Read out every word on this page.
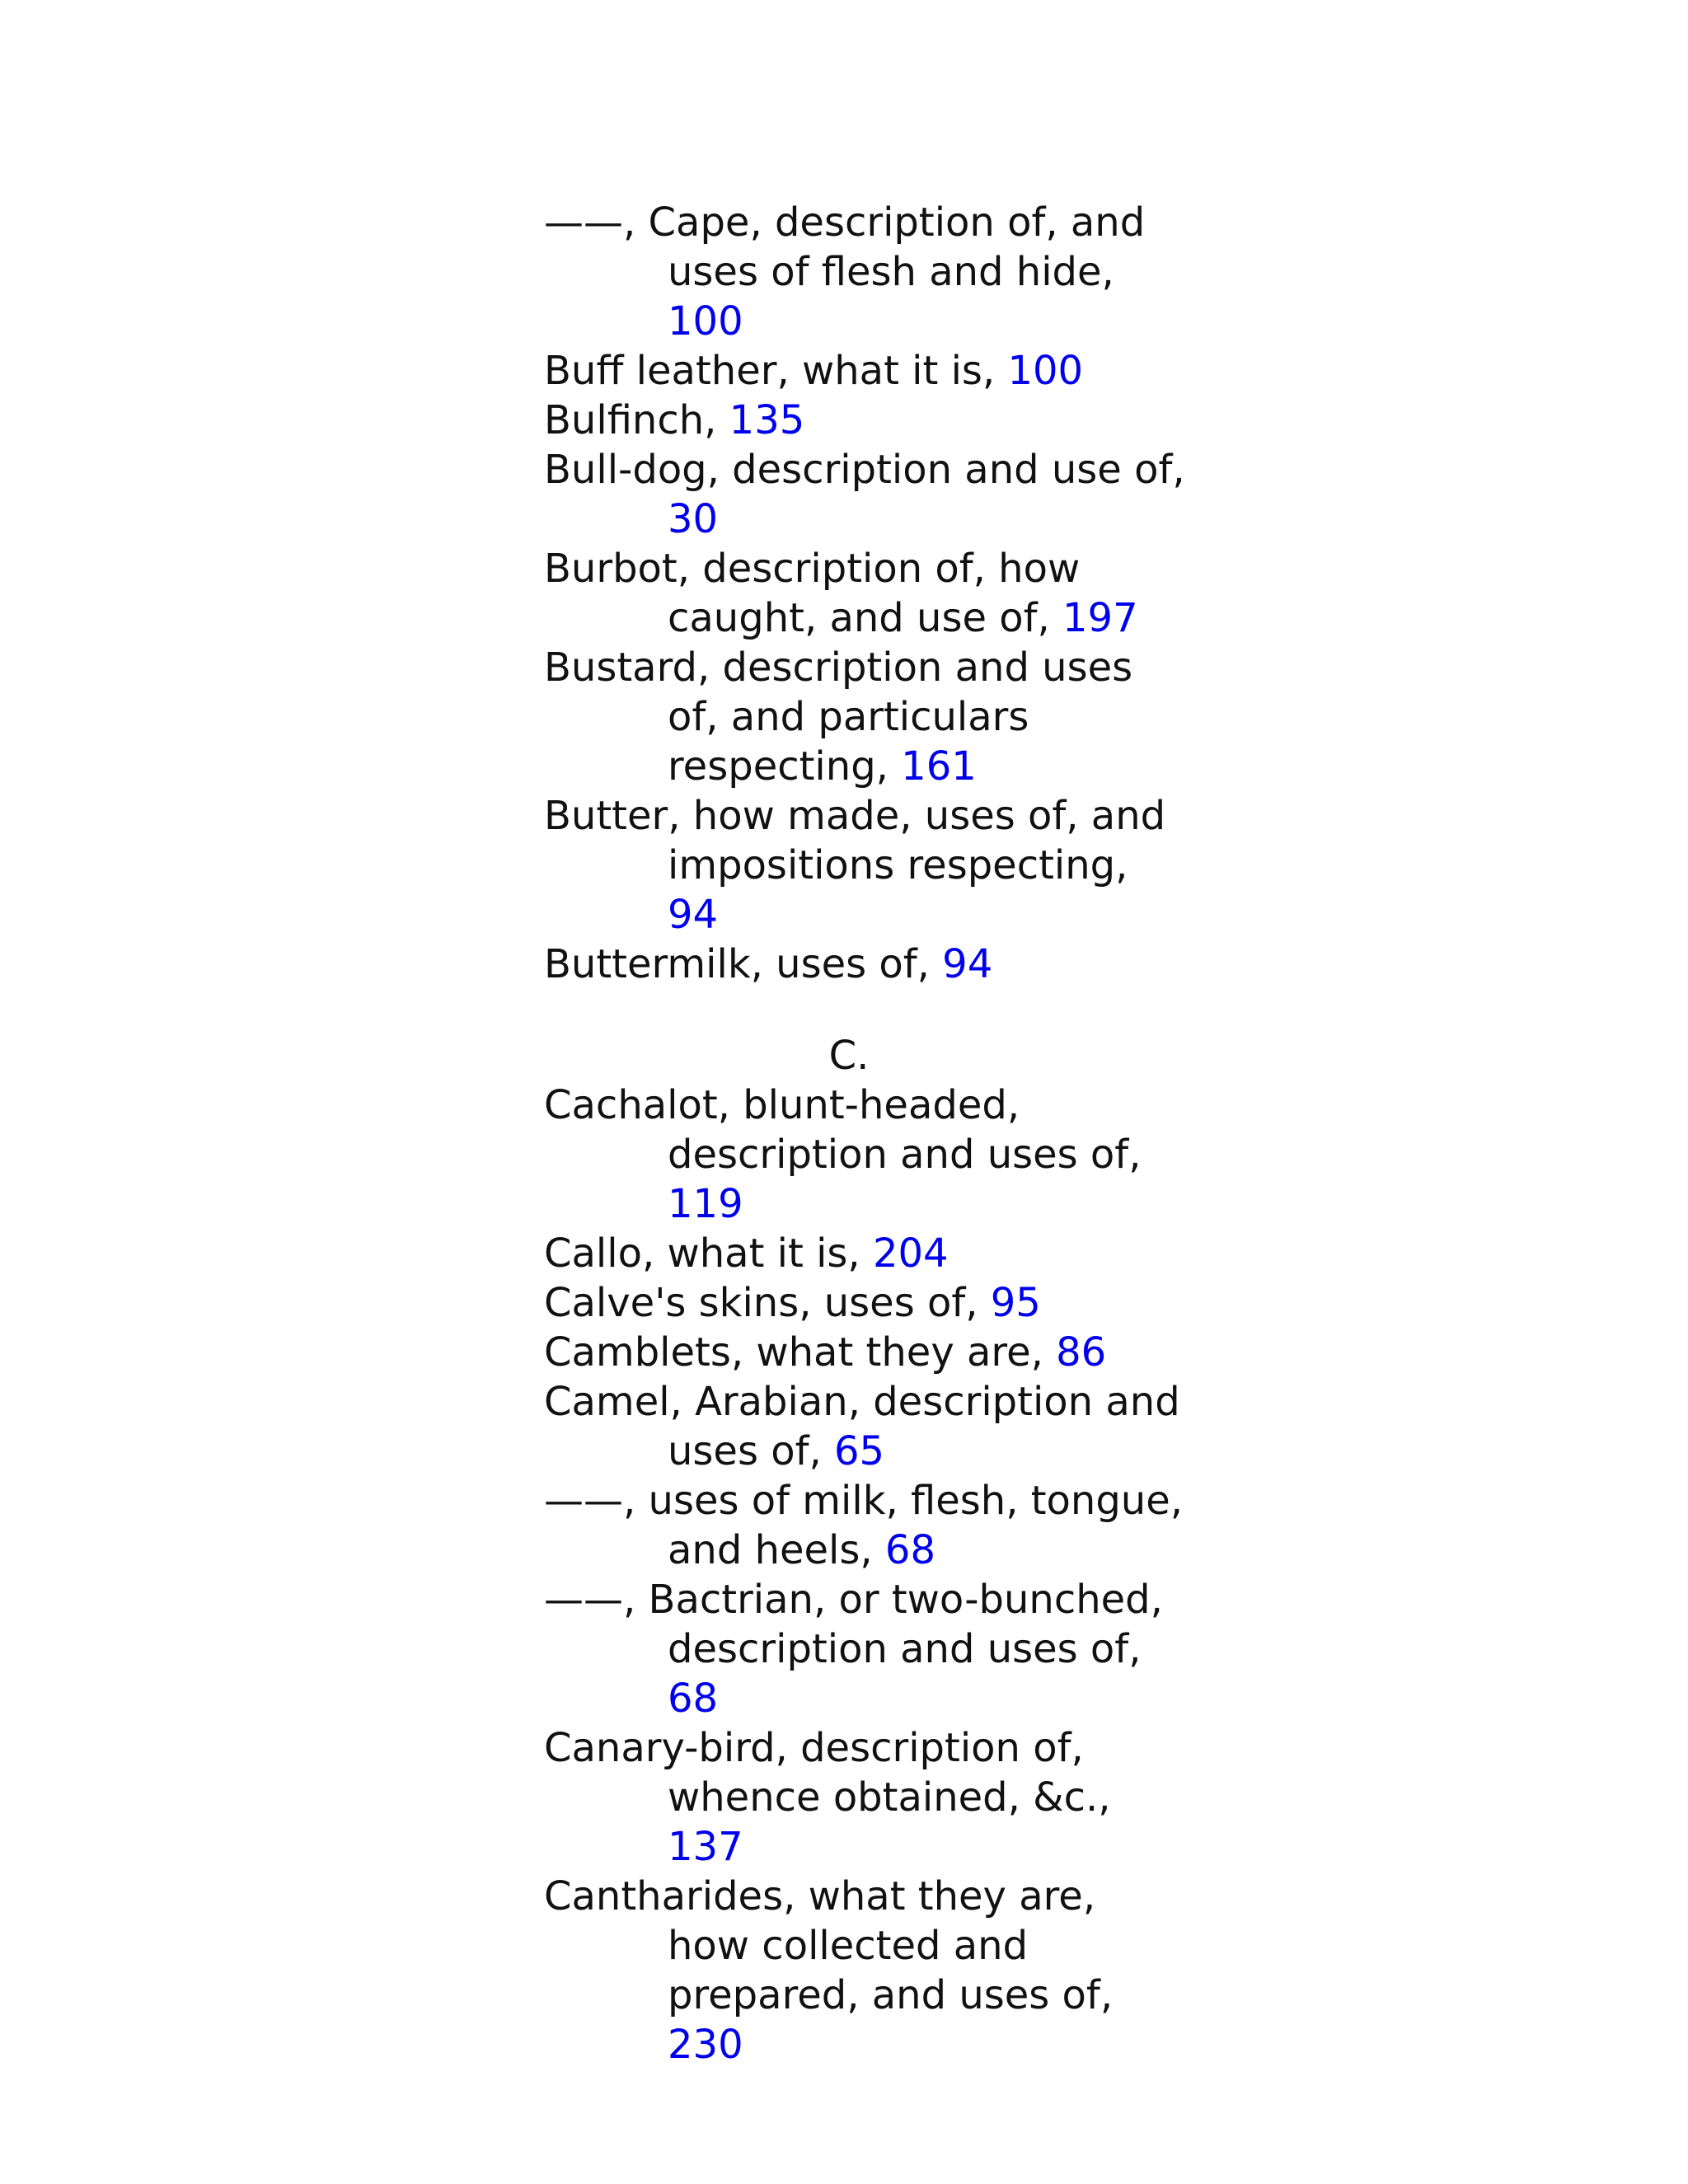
——, Cape, description of, and uses of flesh and hide, 100

Buff leather, what it is, 100

Bulfinch, 135

Bull-dog, description and use of, 30

Burbot, description of, how caught, and use of, 197

Bustard, description and uses of, and particulars respecting, 161

Butter, how made, uses of, and impositions respecting, 94

Buttermilk, uses of, 94

C.

Cachalot, blunt-headed, description and uses of, 119

Callo, what it is, 204

Calve's skins, uses of, 95

Camblets, what they are, 86

Camel, Arabian, description and uses of, 65

——, uses of milk, flesh, tongue, and heels, 68

——, Bactrian, or two-bunched, description and uses of, 68

Canary-bird, description of, whence obtained, &c., 137

Cantharides, what they are, how collected and prepared, and uses of, 230
